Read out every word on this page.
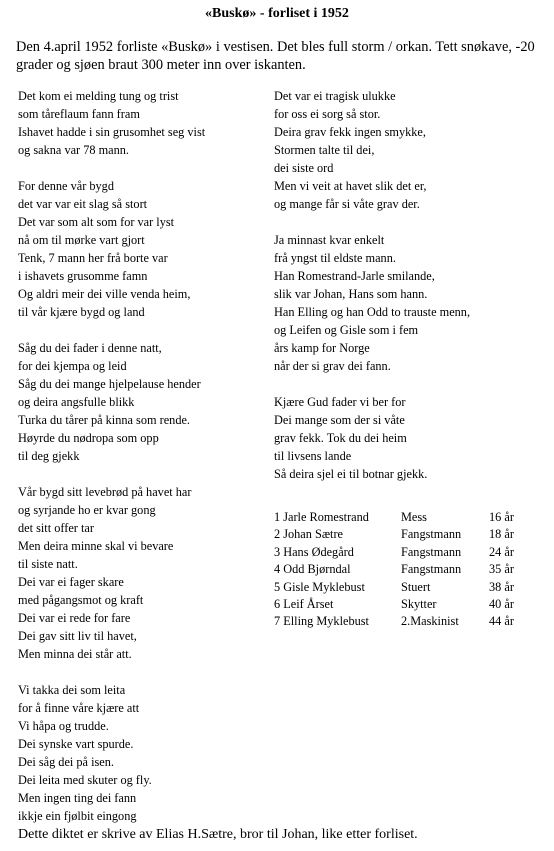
«Buskø» - forliset i 1952
Den 4.april 1952 forliste «Buskø» i vestisen. Det bles full storm / orkan. Tett snøkave, -20 grader og sjøen braut 300 meter inn over iskanten.
Det kom ei melding tung og trist
som tåreflaum fann fram
Ishavet hadde i sin grusomhet seg vist
og sakna var 78 mann.
For denne vår bygd
det var var eit slag så stort
Det var som alt som for var lyst
nå om til mørke vart gjort
Tenk, 7 mann her frå borte var
i ishavets grusomme famn
Og aldri meir dei ville venda heim,
til vår kjære bygd og land
Såg du dei fader i denne natt,
for dei kjempa og leid
Såg du dei mange hjelpelause hender
og deira angsfulle blikk
Turka du tårer på kinna som rende.
Høyrde du nødropa som opp
til deg gjekk
Vår bygd sitt levebrød på havet har
og syrjande ho er kvar gong
det sitt offer tar
Men deira minne skal vi bevare
til siste natt.
Dei var ei fager skare
med pågangsmot og kraft
Dei var ei rede for fare
Dei gav sitt liv til havet,
Men minna dei står att.
Vi takka dei som leita
for å finne våre kjære att
Vi håpa og trudde.
Dei synske vart spurde.
Dei såg dei på isen.
Dei leita med skuter og fly.
Men ingen ting dei fann
ikkje ein fjølbit eingong
Det var ei tragisk ulukke
for oss ei sorg så stor.
Deira grav fekk ingen smykke,
Stormen talte til dei,
dei siste ord
Men vi veit at havet slik det er,
og mange får si våte grav der.
Ja minnast kvar enkelt
frå yngst til eldste mann.
Han Romestrand-Jarle smilande,
slik var Johan, Hans som hann.
Han Elling og han Odd to trauste menn,
og Leifen og Gisle som i fem
års kamp for Norge
når der si grav dei fann.
Kjære Gud fader vi ber for
Dei mange som der si våte
grav fekk. Tok du dei heim
til livsens lande
Så deira sjel ei til botnar gjekk.
1 Jarle Romestrand	Mess	16 år
2 Johan Sætre	Fangstmann 18 år
3 Hans Ødegård	Fangstmann 24 år
4 Odd Bjørndal	Fangstmann 35 år
5 Gisle Myklebust	Stuert	38 år
6 Leif Årset	Skytter	40 år
7 Elling Myklebust	2.Maskinist 44 år
Dette diktet er skrive av Elias H.Sætre, bror til Johan, like etter forliset.
